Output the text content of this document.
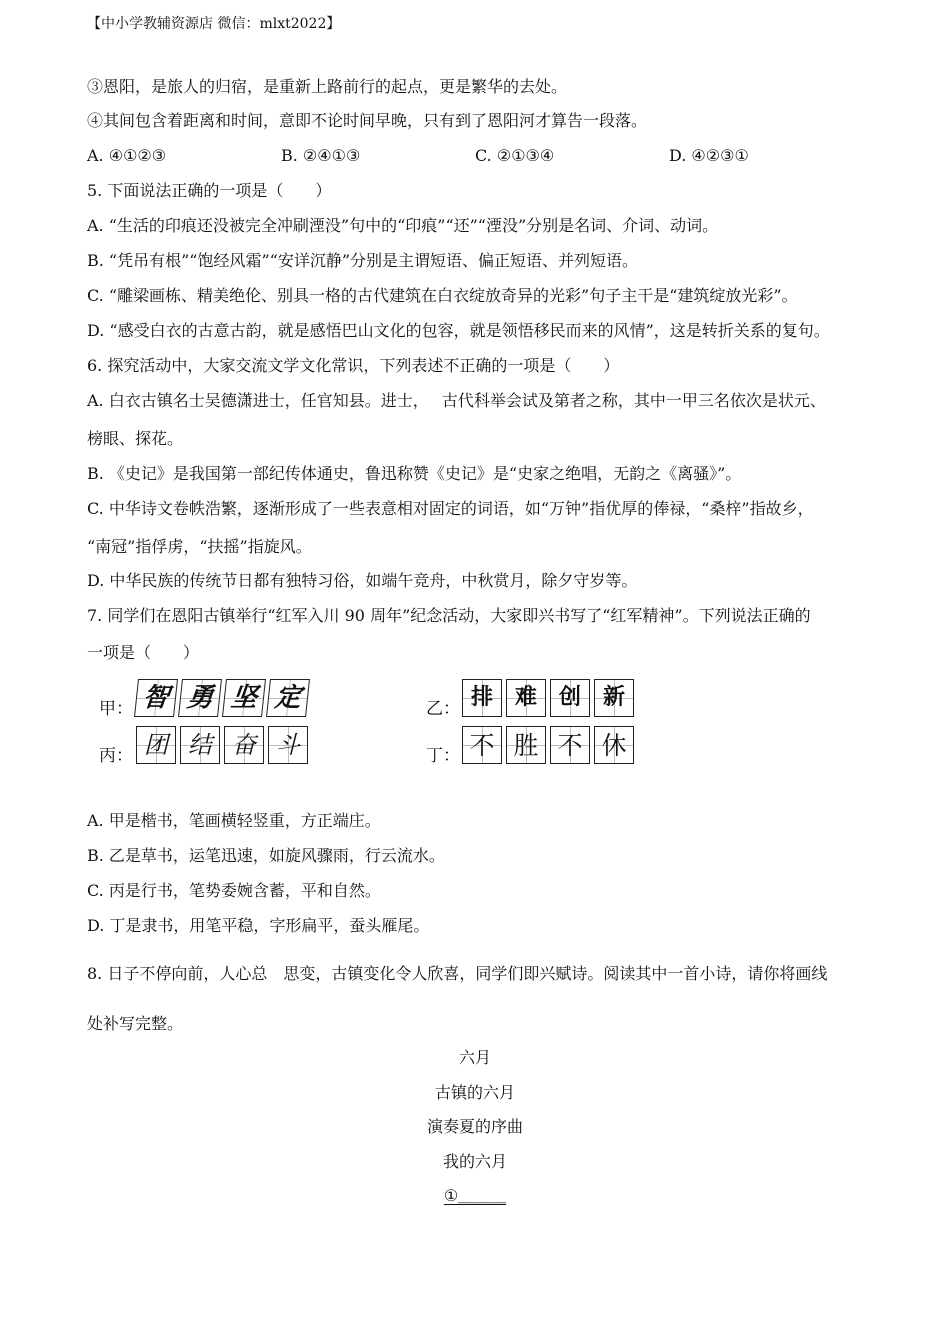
【中小学教辅资源店 微信：mlxt2022】
③恩阳，是旅人的归宿，是重新上路前行的起点，更是繁华的去处。
④其间包含着距离和时间，意即不论时间早晚，只有到了恩阳河才算告一段落。
A. ④①②③	B. ②④①③	C. ②①③④	D. ④②③①
5. 下面说法正确的一项是（　　）
A. “生活的印痕还没被完全冲刷湮没”句中的“印痕”“还”“湮没”分别是名词、介词、动词。
B. “凭吊有根”“饱经风霜”“安详沉静”分别是主谓短语、偏正短语、并列短语。
C. “雕梁画栋、精美绝伦、别具一格的古代建筑在白衣绽放奇异的光彩”句子主干是“建筑绽放光彩”。
D. “感受白衣的古意古韵，就是感悟巴山文化的包容，就是领悟移民而来的风情”，这是转折关系的复句。
6. 探究活动中，大家交流文学文化常识，下列表述不正确的一项是（　　）
A. 白衣古镇名士吴德潇进士，任官知县。进士，　 古代科举会试及第者之称，其中一甲三名依次是状元、
榜眼、探花。
B. 《史记》是我国第一部纪传体通史，鲁迅称赞《史记》是“史家之绝唱，无韵之《离骚》”。
C. 中华诗文卷帙浩繁，逐渐形成了一些表意相对固定的词语，如“万钟”指优厚的俸禄，“桑梓”指故乡，
“南冠”指俘虏，“扶摇”指旋风。
D. 中华民族的传统节日都有独特习俗，如端午竞舟，中秋赏月，除夕守岁等。
7. 同学们在恩阳古镇举行“红军入川 90 周年”纪念活动，大家即兴书写了“红军精神”。下列说法正确的
一项是（　　）
甲： 智 勇 坚 定	乙： 排 难 创 新
丙： 团 结 奋 斗	丁： 不 胜 不 休
A. 甲是楷书，笔画横轻竖重，方正端庄。
B. 乙是草书，运笔迅速，如旋风骤雨，行云流水。
C. 丙是行书，笔势委婉含蓄，平和自然。
D. 丁是隶书，用笔平稳，字形扁平，蚕头雁尾。
8. 日子不停向前，人心总　思变，古镇变化令人欣喜，同学们即兴赋诗。阅读其中一首小诗，请你将画线
处补写完整。
六月
古镇的六月
演奏夏的序曲
我的六月
①＿＿＿
